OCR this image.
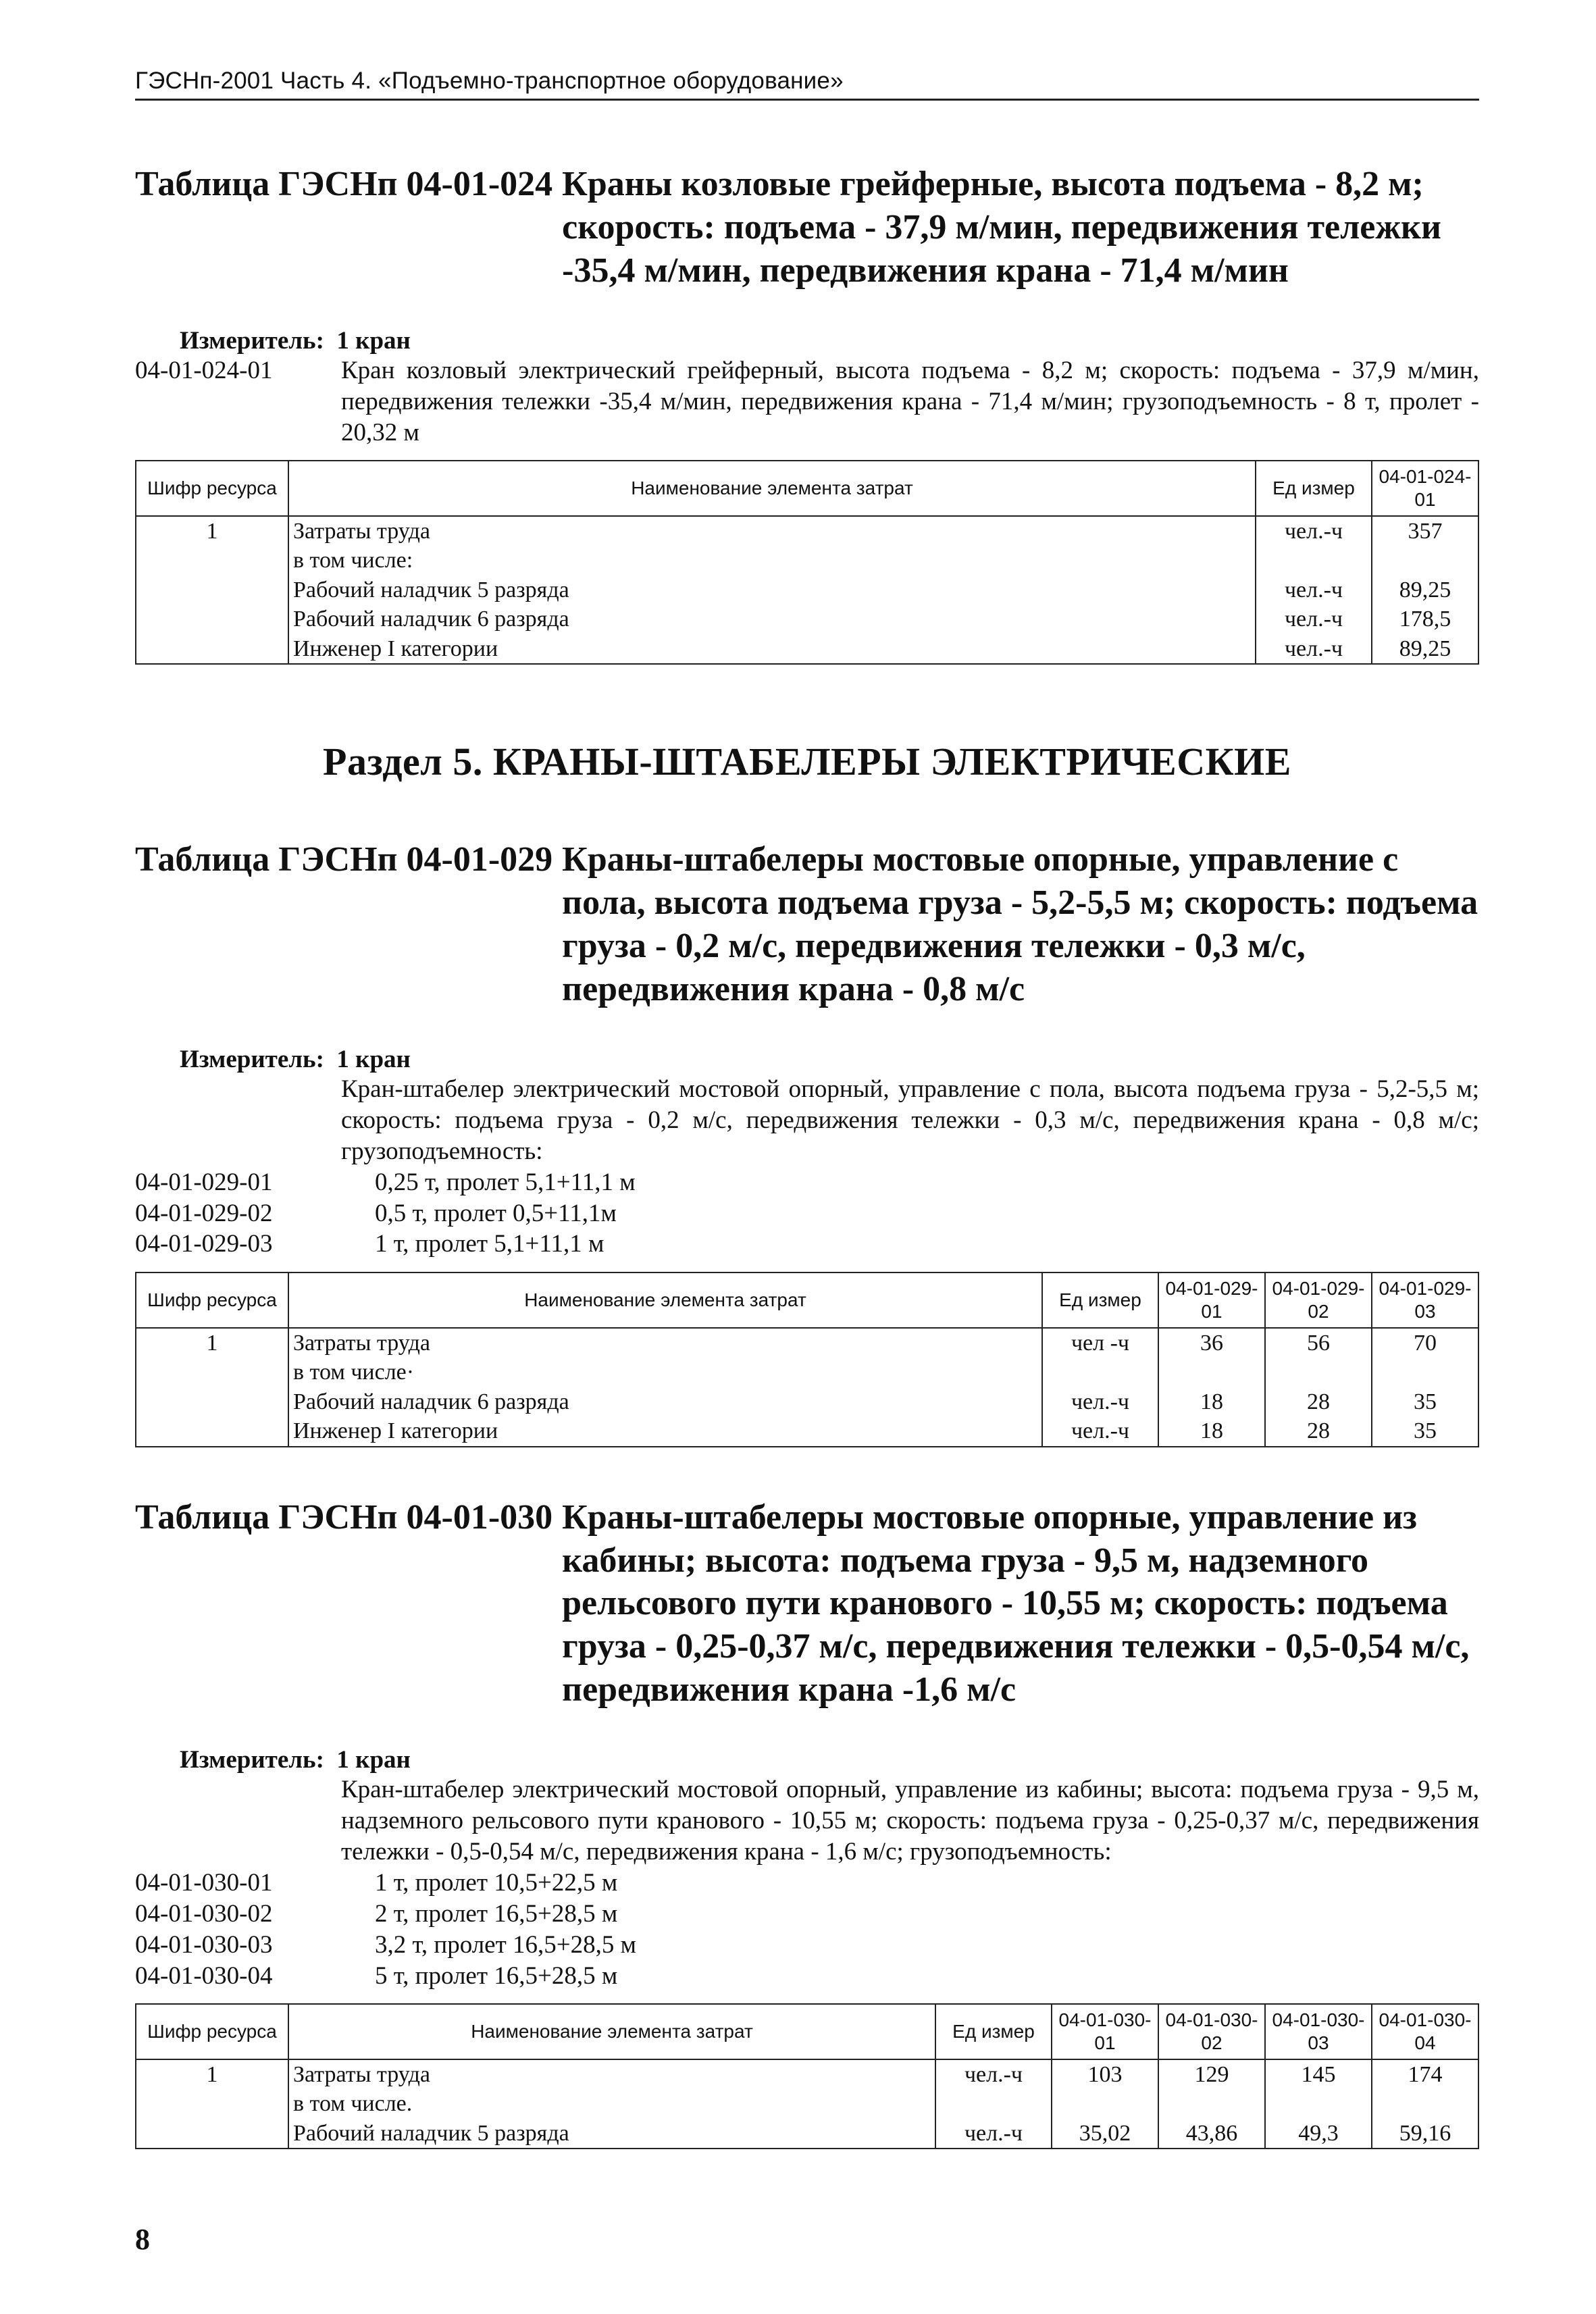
ГЭСНп-2001 Часть 4. «Подъемно-транспортное оборудование»
Таблица ГЭСНп 04-01-024 Краны козловые грейферные, высота подъема - 8,2 м; скорость: подъема - 37,9 м/мин, передвижения тележки -35,4 м/мин, передвижения крана - 71,4 м/мин
Измеритель: 1 кран
04-01-024-01	Кран козловый электрический грейферный, высота подъема - 8,2 м; скорость: подъема - 37,9 м/мин, передвижения тележки -35,4 м/мин, передвижения крана - 71,4 м/мин; грузоподъемность - 8 т, пролет - 20,32 м
Шифр ресурса	Наименование элемента затрат	Ед измер	04-01-024-01
1	Затраты труда	чел.-ч	357
	в том числе:		
	Рабочий наладчик 5 разряда	чел.-ч	89,25
	Рабочий наладчик 6 разряда	чел.-ч	178,5
	Инженер I категории	чел.-ч	89,25
Раздел 5. КРАНЫ-ШТАБЕЛЕРЫ ЭЛЕКТРИЧЕСКИЕ
Таблица ГЭСНп 04-01-029 Краны-штабелеры мостовые опорные, управление с пола, высота подъема груза - 5,2-5,5 м; скорость: подъема груза - 0,2 м/с, передвижения тележки - 0,3 м/с, передвижения крана - 0,8 м/с
Измеритель: 1 кран
Кран-штабелер электрический мостовой опорный, управление с пола, высота подъема груза - 5,2-5,5 м; скорость: подъема груза - 0,2 м/с, передвижения тележки - 0,3 м/с, передвижения крана - 0,8 м/с; грузоподъемность:
04-01-029-01	0,25 т, пролет 5,1+11,1 м
04-01-029-02	0,5 т, пролет 0,5+11,1м
04-01-029-03	1 т, пролет 5,1+11,1 м
Шифр ресурса	Наименование элемента затрат	Ед измер	04-01-029-01	04-01-029-02	04-01-029-03
1	Затраты труда	чел -ч	36	56	70
	в том числе·				
	Рабочий наладчик 6 разряда	чел.-ч	18	28	35
	Инженер I категории	чел.-ч	18	28	35
Таблица ГЭСНп 04-01-030 Краны-штабелеры мостовые опорные, управление из кабины; высота: подъема груза - 9,5 м, надземного рельсового пути кранового - 10,55 м; скорость: подъема груза - 0,25-0,37 м/с, передвижения тележки - 0,5-0,54 м/с, передвижения крана -1,6 м/с
Измеритель: 1 кран
Кран-штабелер электрический мостовой опорный, управление из кабины; высота: подъема груза - 9,5 м, надземного рельсового пути кранового - 10,55 м; скорость: подъема груза - 0,25-0,37 м/с, передвижения тележки - 0,5-0,54 м/с, передвижения крана - 1,6 м/с; грузоподъемность:
04-01-030-01	1 т, пролет 10,5+22,5 м
04-01-030-02	2 т, пролет 16,5+28,5 м
04-01-030-03	3,2 т, пролет 16,5+28,5 м
04-01-030-04	5 т, пролет 16,5+28,5 м
Шифр ресурса	Наименование элемента затрат	Ед измер	04-01-030-01	04-01-030-02	04-01-030-03	04-01-030-04
1	Затраты труда	чел.-ч	103	129	145	174
	в том числе.					
	Рабочий наладчик 5 разряда	чел.-ч	35,02	43,86	49,3	59,16
8
